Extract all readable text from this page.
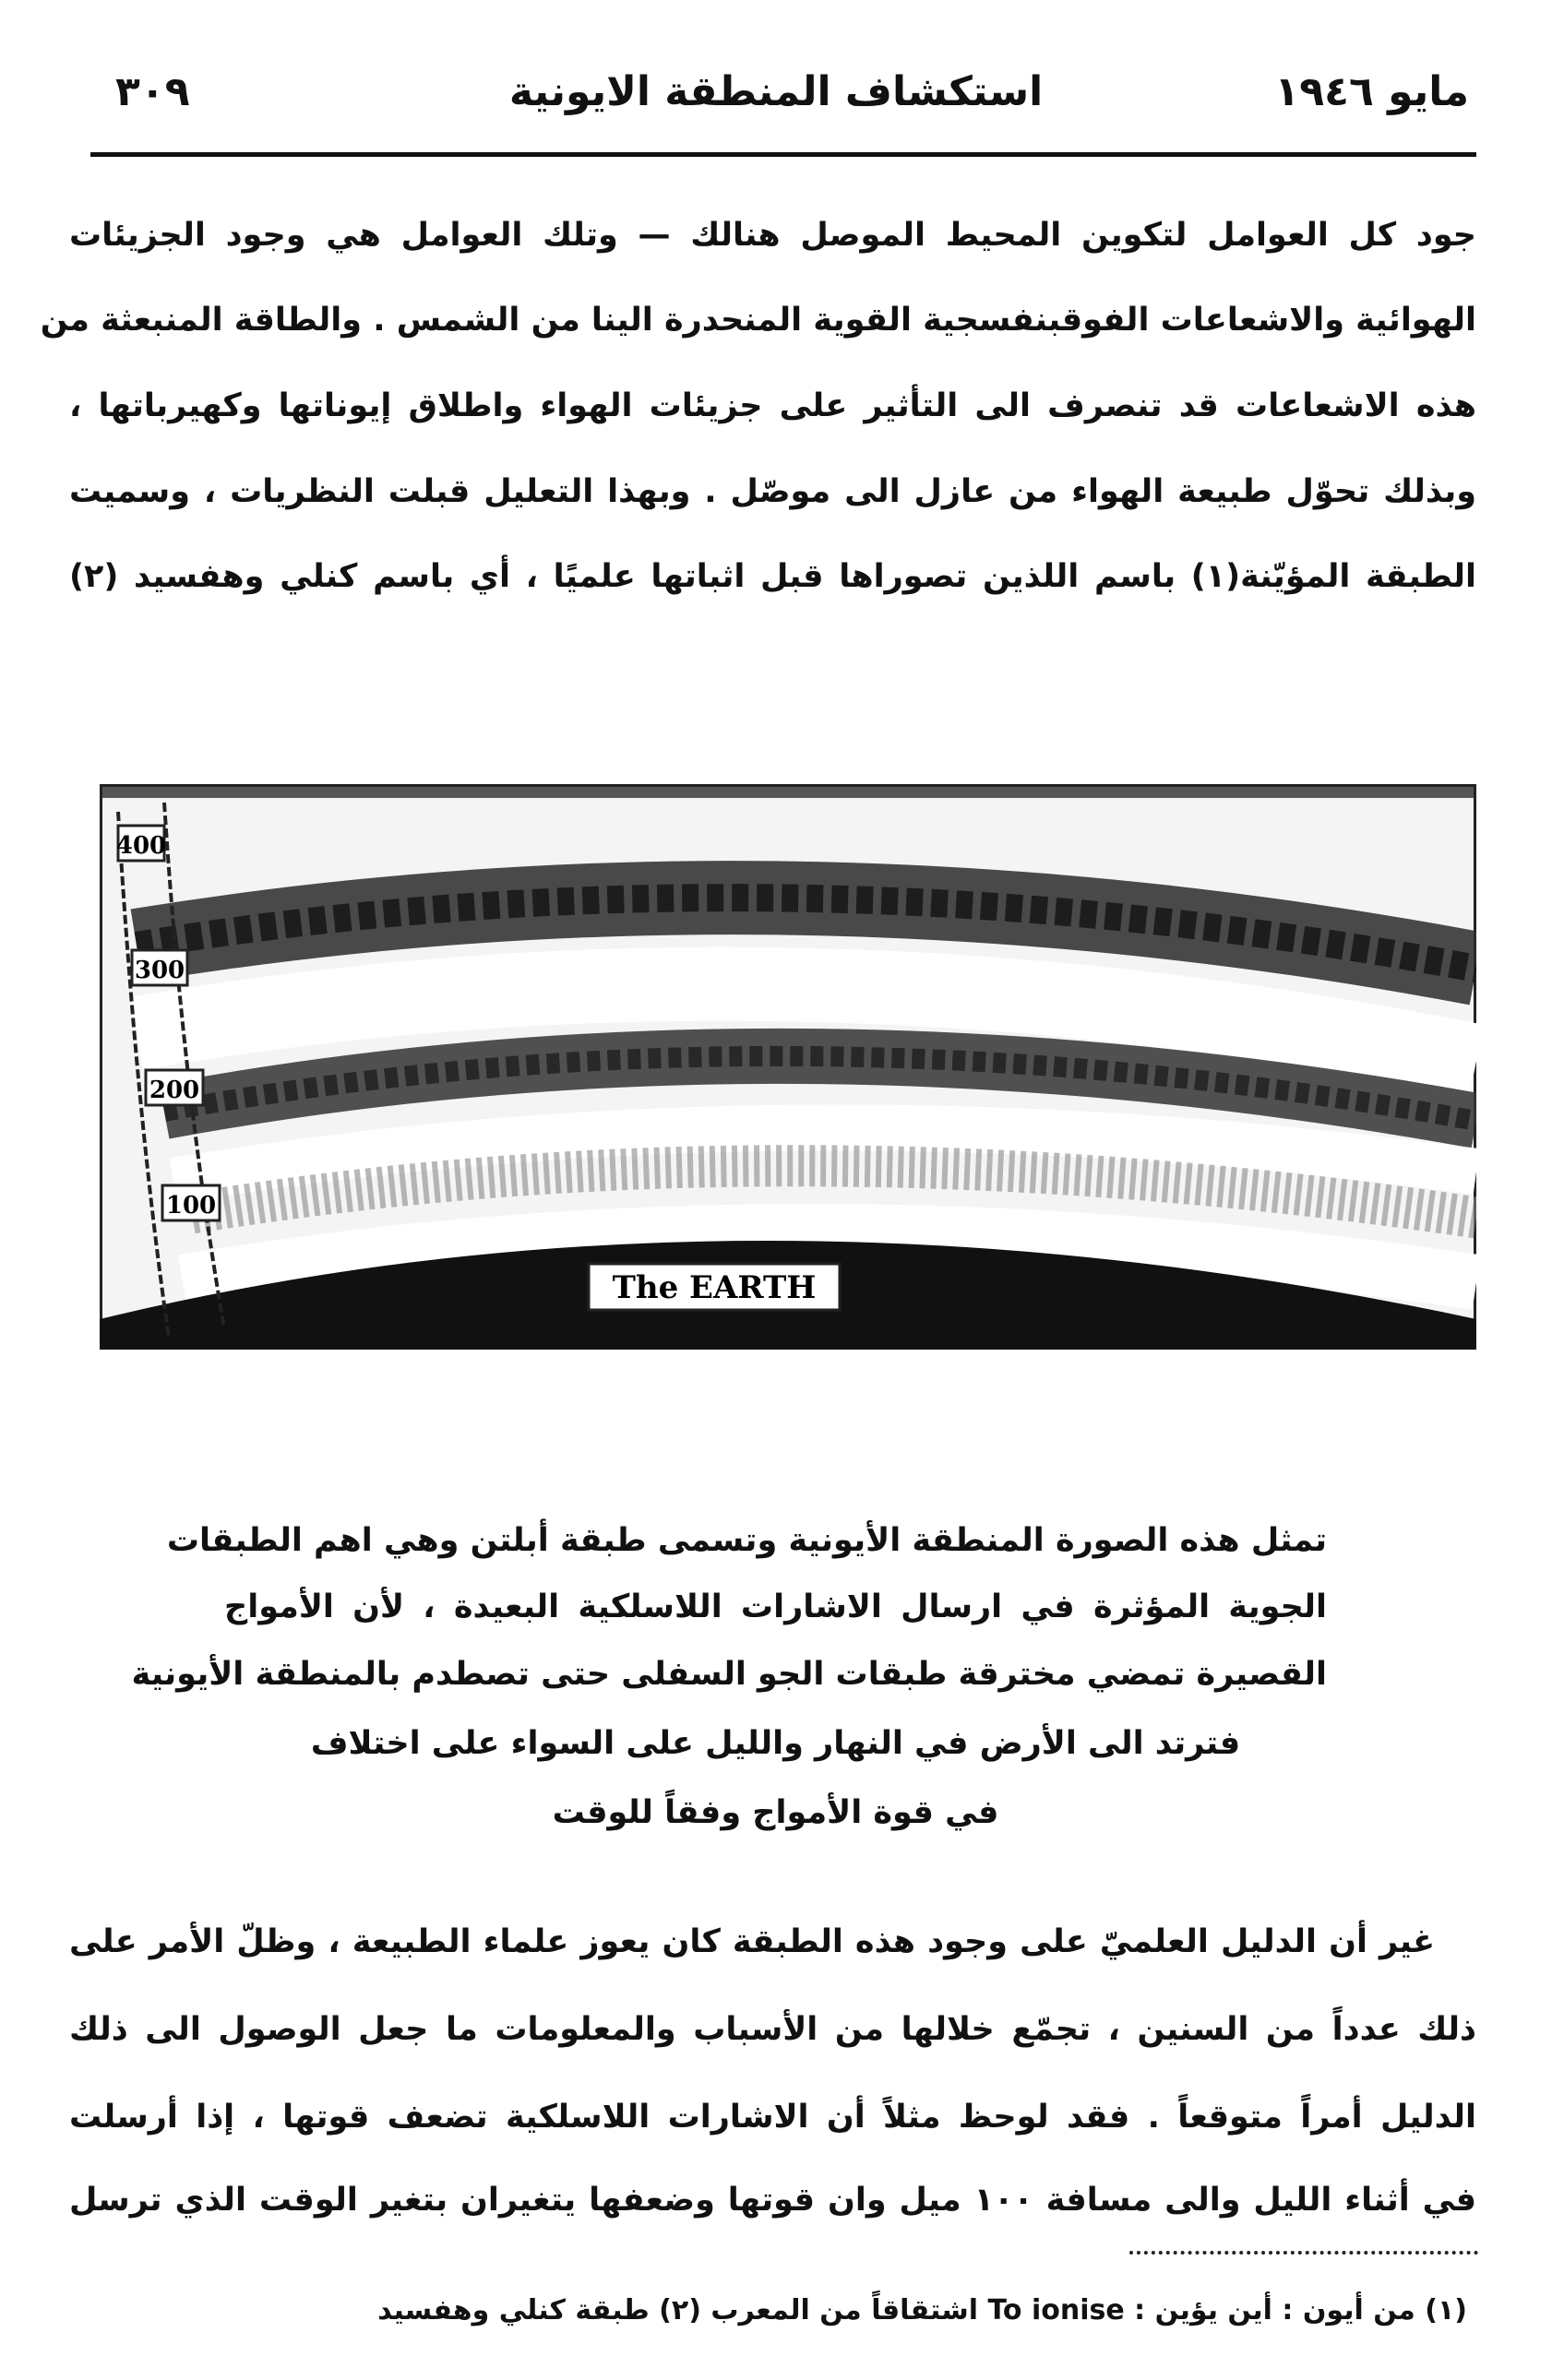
مايو ١٩٤٦
استكشاف المنطقة الايونية
٣٠٩
جود كل العوامل لتكوين المحيط الموصل هنالك — وتلك العوامل هي وجود الجزيئات
الهوائية والاشعاعات الفوقبنفسجية القوية المنحدرة الينا من الشمس . والطاقة المنبعثة من
هذه الاشعاعات قد تنصرف الى التأثير على جزيئات الهواء واطلاق إيوناتها وكهيرباتها ،
وبذلك تحوّل طبيعة الهواء من عازل الى موصّل . وبهذا التعليل قبلت النظريات ، وسميت
الطبقة المؤيّنة(١) باسم اللذين تصوراها قبل اثباتها علميًا ، أي باسم كنلي وهفسيد (٢)
400
300
200
100
The EARTH
تمثل هذه الصورة المنطقة الأيونية وتسمى طبقة أبلتن وهي اهم الطبقات
الجوية المؤثرة في ارسال الاشارات اللاسلكية البعيدة ، لأن الأمواج
القصيرة تمضي مخترقة طبقات الجو السفلى حتى تصطدم بالمنطقة الأيونية
فترتد الى الأرض في النهار والليل على السواء على اختلاف
في قوة الأمواج وفقاً للوقت
غير أن الدليل العلميّ على وجود هذه الطبقة كان يعوز علماء الطبيعة ، وظلّ الأمر على
ذلك عدداً من السنين ، تجمّع خلالها من الأسباب والمعلومات ما جعل الوصول الى ذلك
الدليل أمراً متوقعاً . فقد لوحظ مثلاً أن الاشارات اللاسلكية تضعف قوتها ، إذا أرسلت
في أثناء الليل والى مسافة ١٠٠ ميل وان قوتها وضعفها يتغيران بتغير الوقت الذي ترسل
(١) من أيون : أين يؤين : To ionise اشتقاقاً من المعرب (٢) طبقة كنلي وهفسيد
